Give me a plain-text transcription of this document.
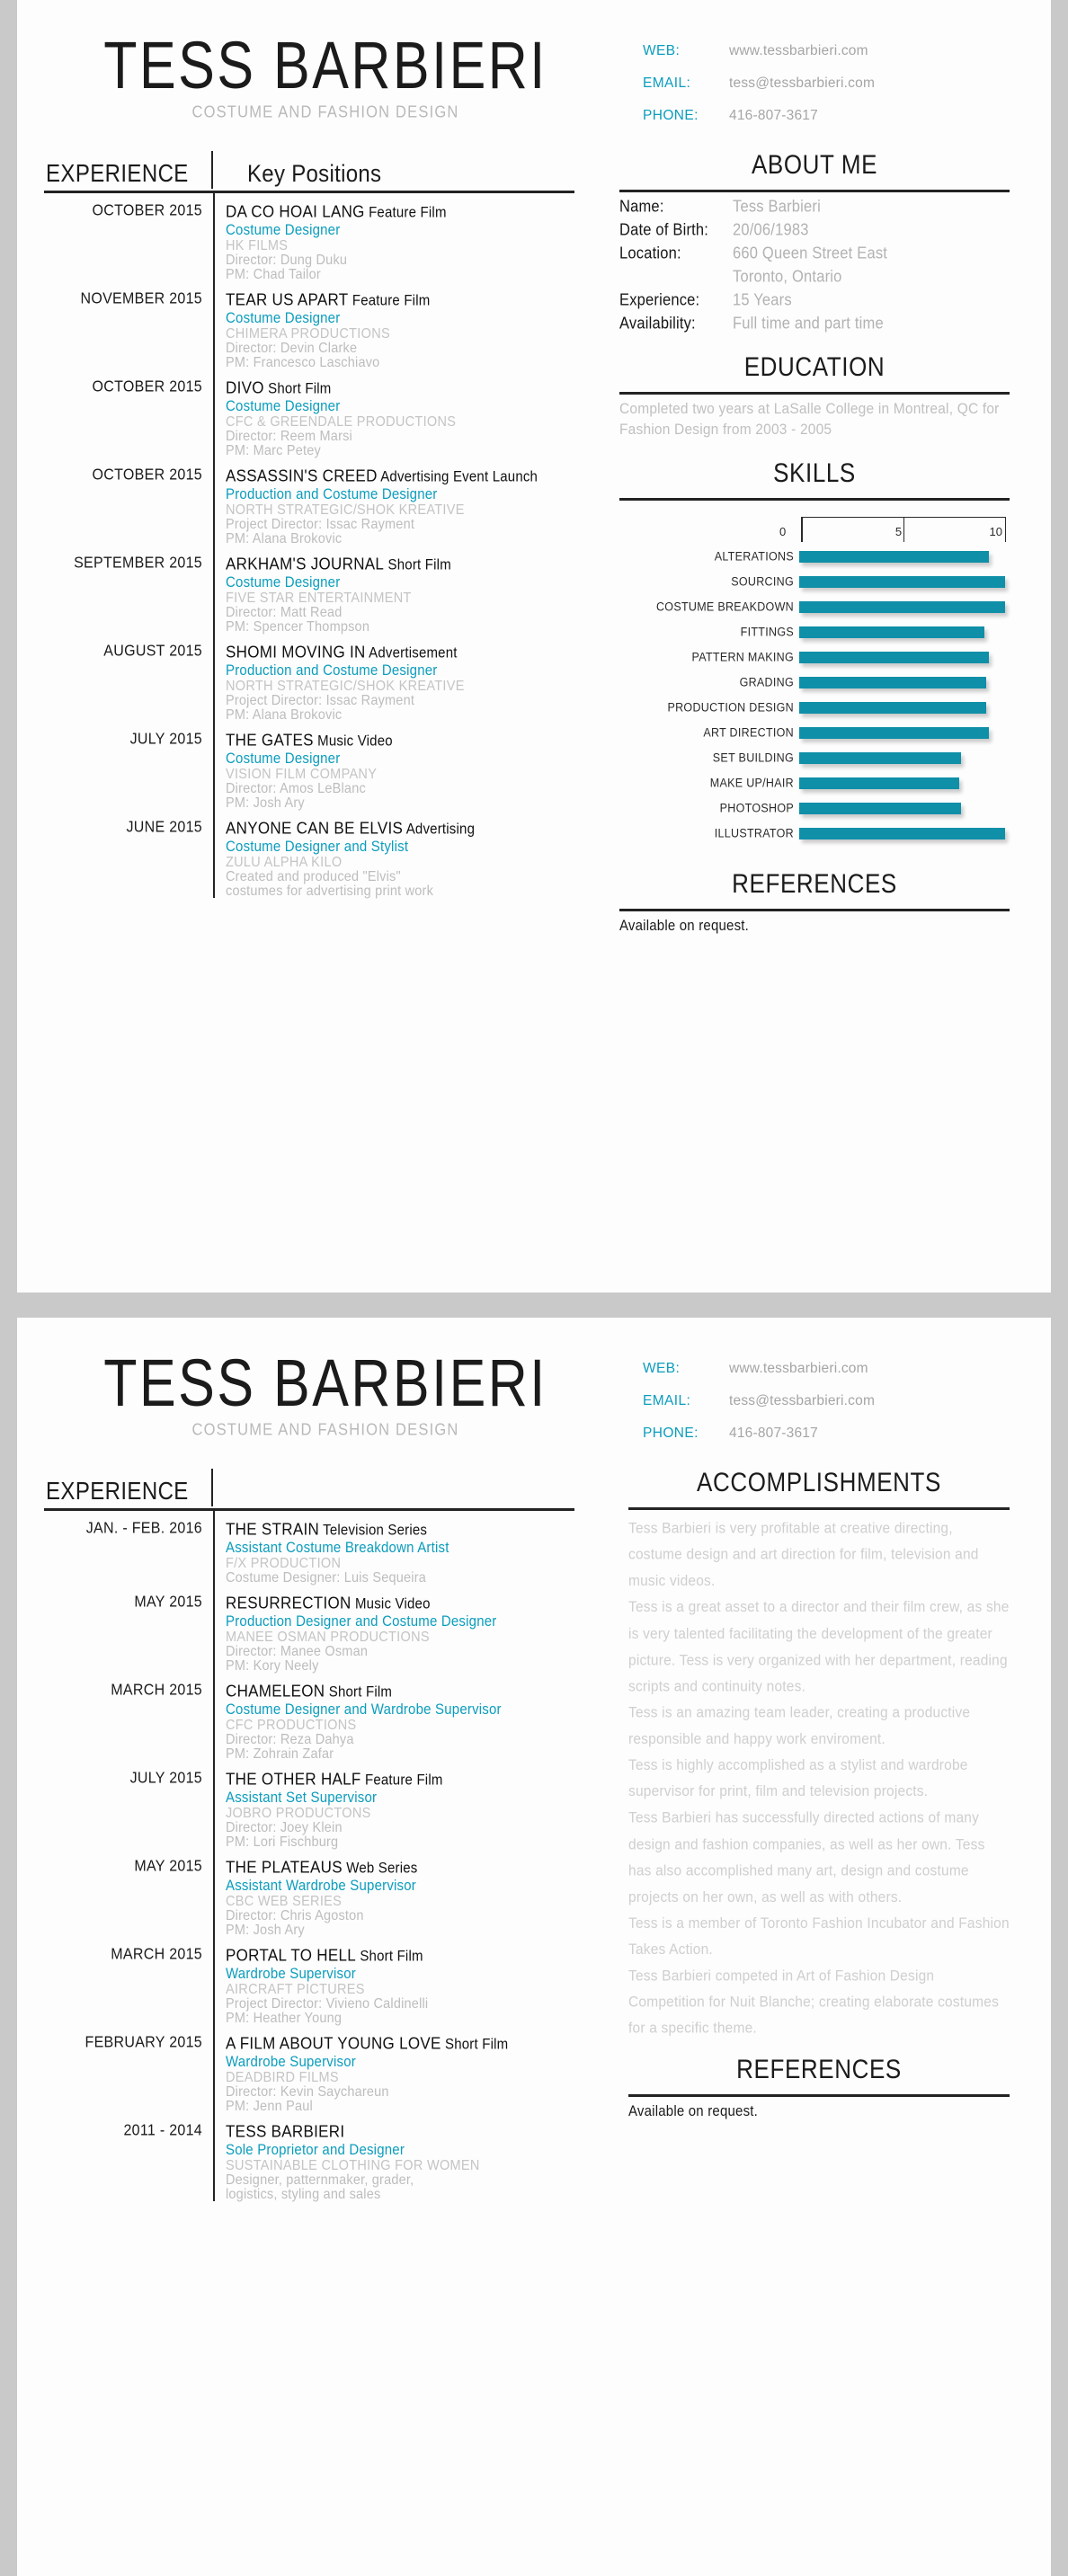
TESS BARBIERI
COSTUME AND FASHION DESIGN
WEB:	www.tessbarbieri.com
EMAIL:	tess@tessbarbieri.com
PHONE:	416-807-3617
EXPERIENCE	Key Positions
OCTOBER 2015	DA CO HOAI LANG Feature Film
Costume Designer
HK FILMS
Director: Dung Duku
PM: Chad Tailor
NOVEMBER 2015	TEAR US APART Feature Film
Costume Designer
CHIMERA PRODUCTIONS
Director: Devin Clarke
PM: Francesco Laschiavo
OCTOBER 2015	DIVO Short Film
Costume Designer
CFC & GREENDALE PRODUCTIONS
Director: Reem Marsi
PM: Marc Petey
OCTOBER 2015	ASSASSIN'S CREED Advertising Event Launch
Production and Costume Designer
NORTH STRATEGIC/SHOK KREATIVE
Project Director: Issac Rayment
PM: Alana Brokovic
SEPTEMBER 2015	ARKHAM'S JOURNAL Short Film
Costume Designer
FIVE STAR ENTERTAINMENT
Director: Matt Read
PM: Spencer Thompson
AUGUST 2015	SHOMI MOVING IN Advertisement
Production and Costume Designer
NORTH STRATEGIC/SHOK KREATIVE
Project Director: Issac Rayment
PM: Alana Brokovic
JULY 2015	THE GATES Music Video
Costume Designer
VISION FILM COMPANY
Director: Amos LeBlanc
PM: Josh Ary
JUNE 2015	ANYONE CAN BE ELVIS Advertising
Costume Designer and Stylist
ZULU ALPHA KILO
Created and produced "Elvis"
costumes for advertising print work
ABOUT ME
Name:	Tess Barbieri
Date of Birth:	20/06/1983
Location:	660 Queen Street East
Toronto, Ontario
Experience:	15 Years
Availability:	Full time and part time
EDUCATION
Completed two years at LaSalle College in Montreal, QC for Fashion Design from 2003 - 2005
SKILLS
0	5	10
ALTERATIONS
SOURCING
COSTUME BREAKDOWN
FITTINGS
PATTERN MAKING
GRADING
PRODUCTION DESIGN
ART DIRECTION
SET BUILDING
MAKE UP/HAIR
PHOTOSHOP
ILLUSTRATOR
REFERENCES
Available on request.
TESS BARBIERI
COSTUME AND FASHION DESIGN
WEB:	www.tessbarbieri.com
EMAIL:	tess@tessbarbieri.com
PHONE:	416-807-3617
EXPERIENCE
JAN. - FEB. 2016	THE STRAIN Television Series
Assistant Costume Breakdown Artist
F/X PRODUCTION
Costume Designer: Luis Sequeira
MAY 2015	RESURRECTION Music Video
Production Designer and Costume Designer
MANEE OSMAN PRODUCTIONS
Director: Manee Osman
PM: Kory Neely
MARCH 2015	CHAMELEON Short Film
Costume Designer and Wardrobe Supervisor
CFC PRODUCTIONS
Director: Reza Dahya
PM: Zohrain Zafar
JULY 2015	THE OTHER HALF Feature Film
Assistant Set Supervisor
JOBRO PRODUCTONS
Director: Joey Klein
PM: Lori Fischburg
MAY 2015	THE PLATEAUS Web Series
Assistant Wardrobe Supervisor
CBC WEB SERIES
Director: Chris Agoston
PM: Josh Ary
MARCH 2015	PORTAL TO HELL Short Film
Wardrobe Supervisor
AIRCRAFT PICTURES
Project Director: Vivieno Caldinelli
PM: Heather Young
FEBRUARY 2015	A FILM ABOUT YOUNG LOVE Short Film
Wardrobe Supervisor
DEADBIRD FILMS
Director: Kevin Saychareun
PM: Jenn Paul
2011 - 2014	TESS BARBIERI
Sole Proprietor and Designer
SUSTAINABLE CLOTHING FOR WOMEN
Designer, patternmaker, grader,
logistics, styling and sales
ACCOMPLISHMENTS

Tess Barbieri is very profitable at creative directing, costume design and art direction for film, television and music videos.

Tess is a great asset to a director and their film crew, as she is very talented facilitating the development of the greater picture. Tess is very organized with her department, reading scripts and continuity notes.

Tess is an amazing team leader, creating a productive responsible and happy work enviroment.

Tess is highly accomplished as a stylist and wardrobe supervisor for print, film and television projects.

Tess Barbieri has successfully directed actions of many design and fashion companies, as well as her own. Tess has also accomplished many art, design and costume projects on her own, as well as with others.

Tess is a member of Toronto Fashion Incubator and Fashion Takes Action.

Tess Barbieri competed in Art of Fashion Design Competition for Nuit Blanche; creating elaborate costumes for a specific theme.

REFERENCES
Available on request.
